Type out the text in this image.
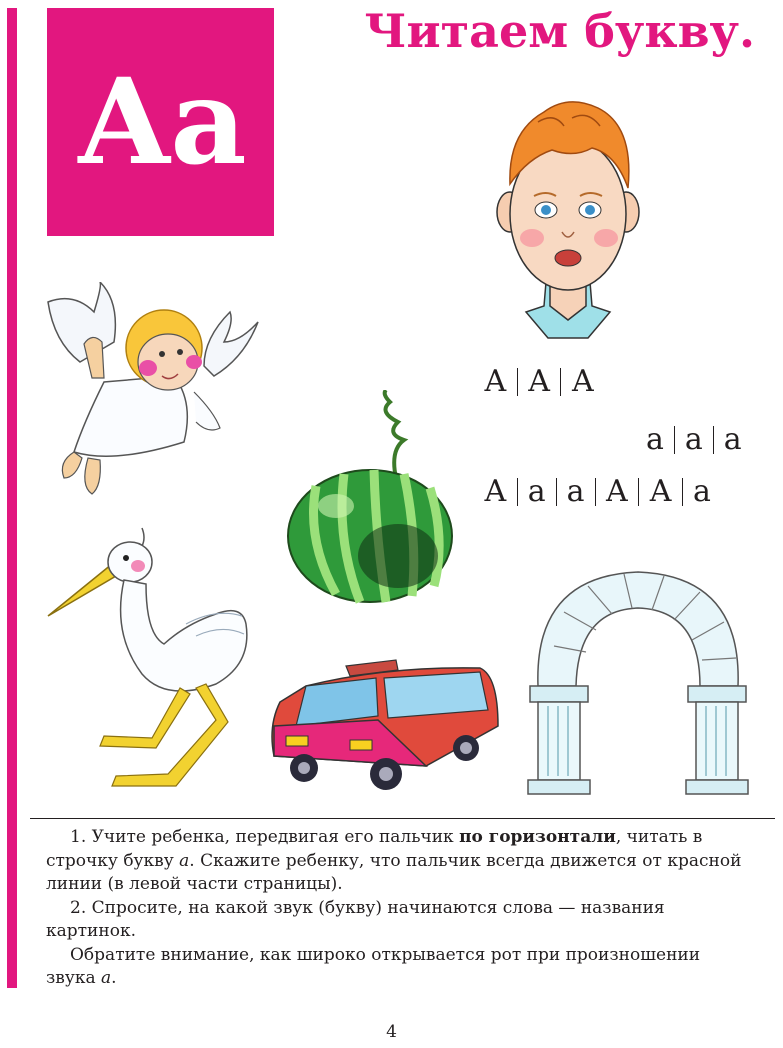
Аа
Читаем букву.
А А А
а а а
А а а А А а

1. Учите ребенка, передвигая его пальчик по горизонтали, читать в строчку букву а. Скажите ребенку, что пальчик всегда движется от красной линии (в левой части страницы).

2. Спросите, на какой звук (букву) начинаются слова — названия картинок.

Обратите внимание, как широко открывается рот при произношении звука а.

4
